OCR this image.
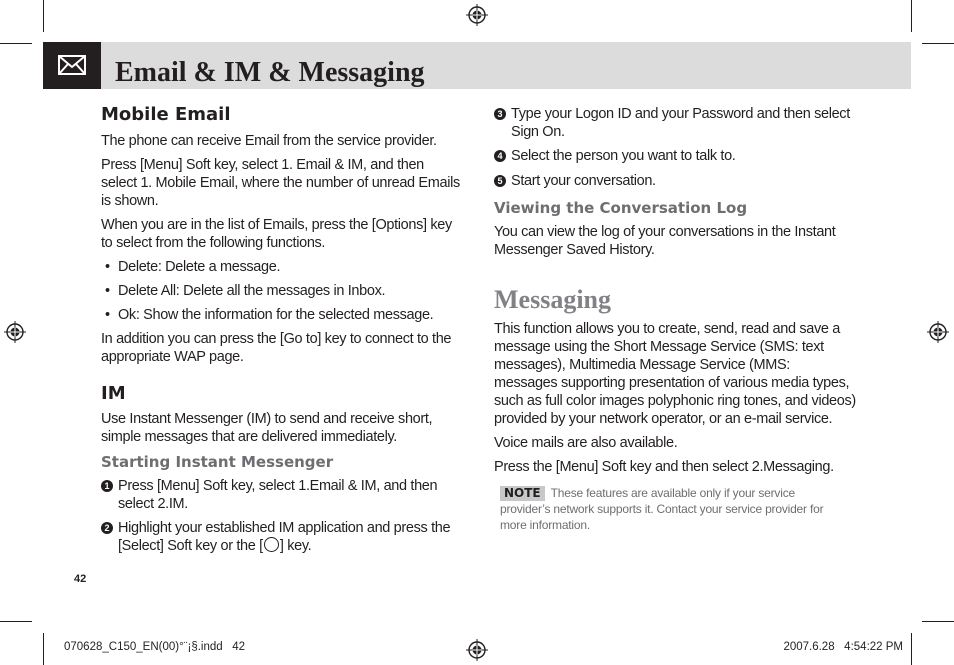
Email & IM & Messaging
Mobile Email

The phone can receive Email from the service provider.

Press [Menu] Soft key, select 1. Email & IM, and then select 1. Mobile Email, where the number of unread Emails is shown.

When you are in the list of Emails, press the [Options] key to select from the following functions.

• Delete: Delete a message.
• Delete All: Delete all the messages in Inbox.
• Ok: Show the information for the selected message.

In addition you can press the [Go to] key to connect to the appropriate WAP page.

IM

Use Instant Messenger (IM) to send and receive short, simple messages that are delivered immediately.

Starting Instant Messenger
1 Press [Menu] Soft key, select 1.Email & IM, and then select 2.IM.
2 Highlight your established IM application and press the [Select] Soft key or the [ ] key.
3 Type your Logon ID and your Password and then select Sign On.
4 Select the person you want to talk to.
5 Start your conversation.
Viewing the Conversation Log

You can view the log of your conversations in the Instant Messenger Saved History.

Messaging

This function allows you to create, send, read and save a message using the Short Message Service (SMS: text messages), Multimedia Message Service (MMS: messages supporting presentation of various media types, such as full color images polyphonic ring tones, and videos) provided by your network operator, or an e-mail service.

Voice mails are also available.

Press the [Menu] Soft key and then select 2.Messaging.

NOTE These features are available only if your service provider’s network supports it. Contact your service provider for more information.
42
070628_C150_EN(00)°¨¡§.indd   42	2007.6.28   4:54:22 PM
